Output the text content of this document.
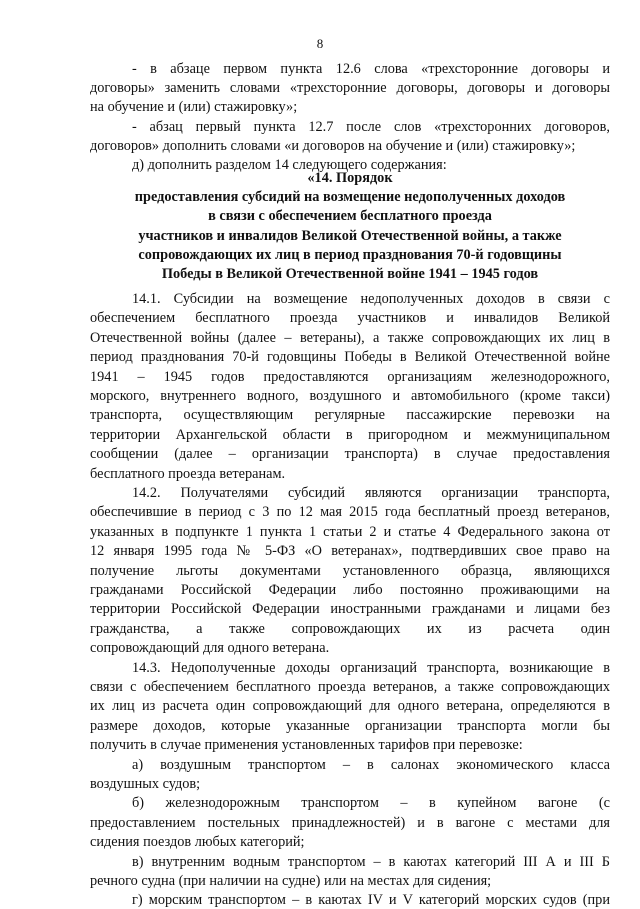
8
- в абзаце первом пункта 12.6 слова «трехсторонние договоры и
договоры» заменить словами «трехсторонние договоры, договоры и договоры
на обучение и (или) стажировку»;
- абзац первый пункта 12.7 после слов «трехсторонних договоров,
договоров» дополнить словами «и договоров на обучение и (или) стажировку»;
д) дополнить разделом 14 следующего содержания:
«14. Порядок
предоставления субсидий на возмещение недополученных доходов
в связи с обеспечением бесплатного проезда
участников и инвалидов Великой Отечественной войны, а также
сопровождающих их лиц в период празднования 70-й годовщины
Победы в Великой Отечественной войне 1941 – 1945 годов
14.1. Субсидии на возмещение недополученных доходов в связи с
обеспечением бесплатного проезда участников и инвалидов Великой
Отечественной войны (далее – ветераны), а также сопровождающих их лиц в
период празднования 70-й годовщины Победы в Великой Отечественной войне
1941 – 1945 годов предоставляются организациям железнодорожного,
морского, внутреннего водного, воздушного и автомобильного (кроме такси)
транспорта, осуществляющим регулярные пассажирские перевозки на
территории Архангельской области в пригородном и межмуниципальном
сообщении (далее – организации транспорта) в случае предоставления
бесплатного проезда ветеранам.
14.2. Получателями субсидий являются организации транспорта,
обеспечившие в период с 3 по 12 мая 2015 года бесплатный проезд ветеранов,
указанных в подпункте 1 пункта 1 статьи 2 и статье 4 Федерального закона от
12 января 1995 года № 5-ФЗ «О ветеранах», подтвердивших свое право на
получение льготы документами установленного образца, являющихся
гражданами Российской Федерации либо постоянно проживающими на
территории Российской Федерации иностранными гражданами и лицами без
гражданства, а также сопровождающих их из расчета один
сопровождающий для одного ветерана.
14.3. Недополученные доходы организаций транспорта, возникающие в
связи с обеспечением бесплатного проезда ветеранов, а также сопровождающих
их лиц из расчета один сопровождающий для одного ветерана, определяются в
размере доходов, которые указанные организации транспорта могли бы
получить в случае применения установленных тарифов при перевозке:
а) воздушным транспортом – в салонах экономического класса
воздушных судов;
б) железнодорожным транспортом – в купейном вагоне (с
предоставлением постельных принадлежностей) и в вагоне с местами для
сидения поездов любых категорий;
в) внутренним водным транспортом – в каютах категорий III А и III Б
речного судна (при наличии на судне) или на местах для сидения;
г) морским транспортом – в каютах IV и V категорий морских судов (при
